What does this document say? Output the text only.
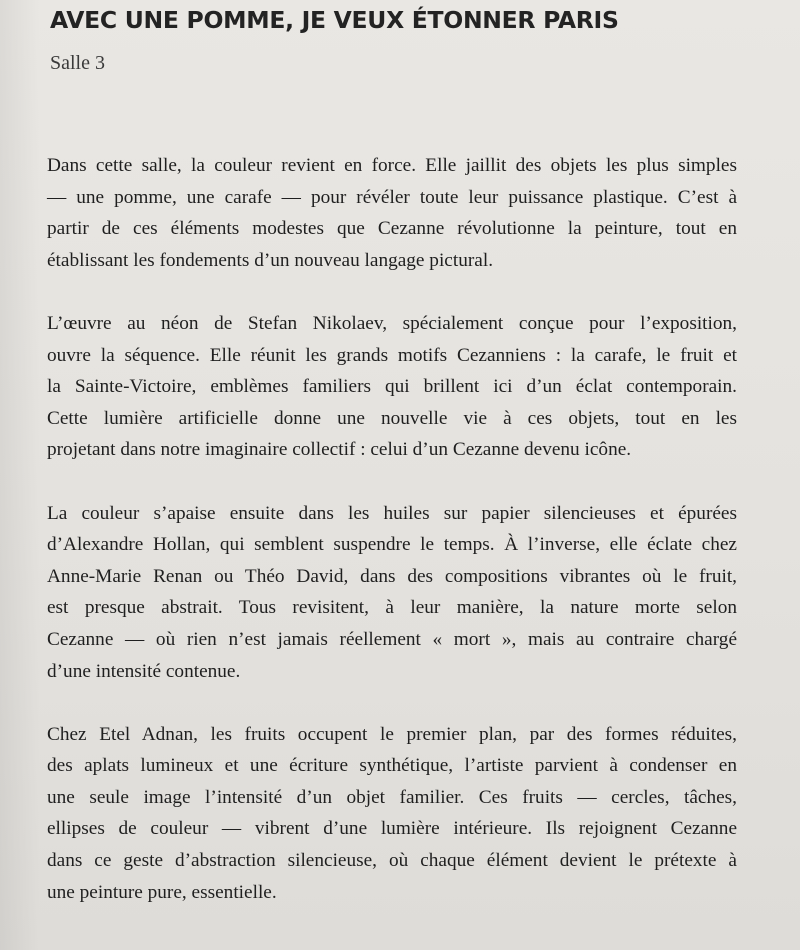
AVEC UNE POMME, JE VEUX ÉTONNER PARIS
Salle 3
Dans cette salle, la couleur revient en force. Elle jaillit des objets les plus simples
— une pomme, une carafe — pour révéler toute leur puissance plastique. C’est à
partir de ces éléments modestes que Cezanne révolutionne la peinture, tout en
établissant les fondements d’un nouveau langage pictural.
L’œuvre au néon de Stefan Nikolaev, spécialement conçue pour l’exposition,
ouvre la séquence. Elle réunit les grands motifs Cezanniens : la carafe, le fruit et
la Sainte-Victoire, emblèmes familiers qui brillent ici d’un éclat contemporain.
Cette lumière artificielle donne une nouvelle vie à ces objets, tout en les
projetant dans notre imaginaire collectif : celui d’un Cezanne devenu icône.
La couleur s’apaise ensuite dans les huiles sur papier silencieuses et épurées
d’Alexandre Hollan, qui semblent suspendre le temps. À l’inverse, elle éclate chez
Anne-Marie Renan ou Théo David, dans des compositions vibrantes où le fruit,
est presque abstrait. Tous revisitent, à leur manière, la nature morte selon
Cezanne — où rien n’est jamais réellement « mort », mais au contraire chargé
d’une intensité contenue.
Chez Etel Adnan, les fruits occupent le premier plan, par des formes réduites,
des aplats lumineux et une écriture synthétique, l’artiste parvient à condenser en
une seule image l’intensité d’un objet familier. Ces fruits — cercles, tâches,
ellipses de couleur — vibrent d’une lumière intérieure. Ils rejoignent Cezanne
dans ce geste d’abstraction silencieuse, où chaque élément devient le prétexte à
une peinture pure, essentielle.
